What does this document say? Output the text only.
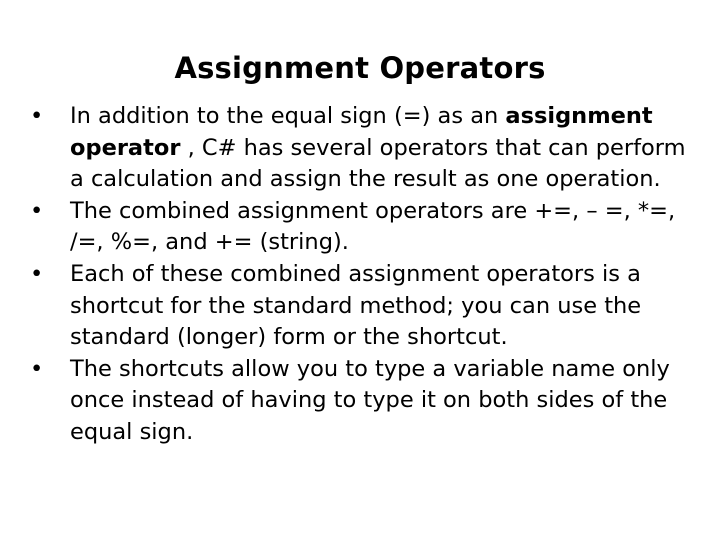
Assignment Operators
• In addition to the equal sign (=) as an assignment operator , C# has several operators that can perform a calculation and assign the result as one operation.
• The combined assignment operators are +=, – =, *=, /=, %=, and += (string).
• Each of these combined assignment operators is a shortcut for the standard method; you can use the standard (longer) form or the shortcut.
• The shortcuts allow you to type a variable name only once instead of having to type it on both sides of the equal sign.
